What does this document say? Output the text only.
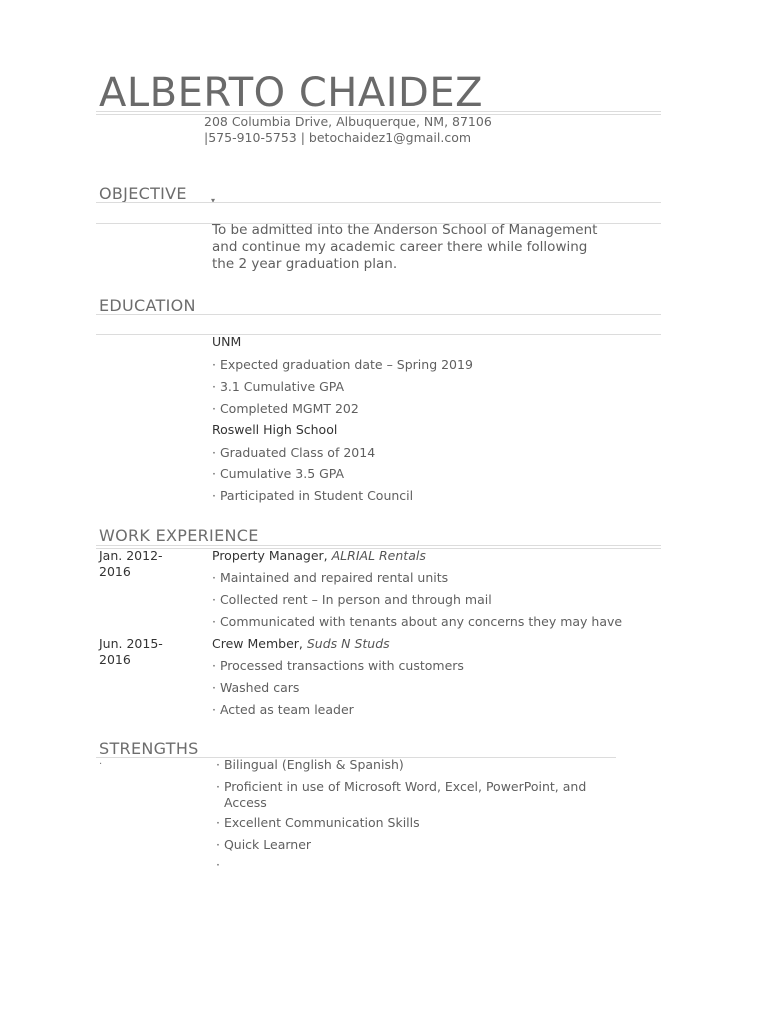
ALBERTO CHAIDEZ
208 Columbia Drive, Albuquerque, NM, 87106
|575-910-5753 | betochaidez1@gmail.com
OBJECTIVE	▾
To be admitted into the Anderson School of Management and continue my academic career there while following the 2 year graduation plan.
EDUCATION
UNM
· Expected graduation date – Spring 2019
· 3.1 Cumulative GPA
· Completed MGMT 202
Roswell High School
· Graduated Class of 2014
· Cumulative 3.5 GPA
· Participated in Student Council
WORK EXPERIENCE
Jan. 2012-
2016
Property Manager, ALRIAL Rentals
· Maintained and repaired rental units
· Collected rent – In person and through mail
· Communicated with tenants about any concerns they may have
Jun. 2015-
2016
Crew Member, Suds N Studs
· Processed transactions with customers
· Washed cars
· Acted as team leader
STRENGTHS
·	· Bilingual (English & Spanish)
· Proficient in use of Microsoft Word, Excel, PowerPoint, and
Access
· Excellent Communication Skills
· Quick Learner
·
